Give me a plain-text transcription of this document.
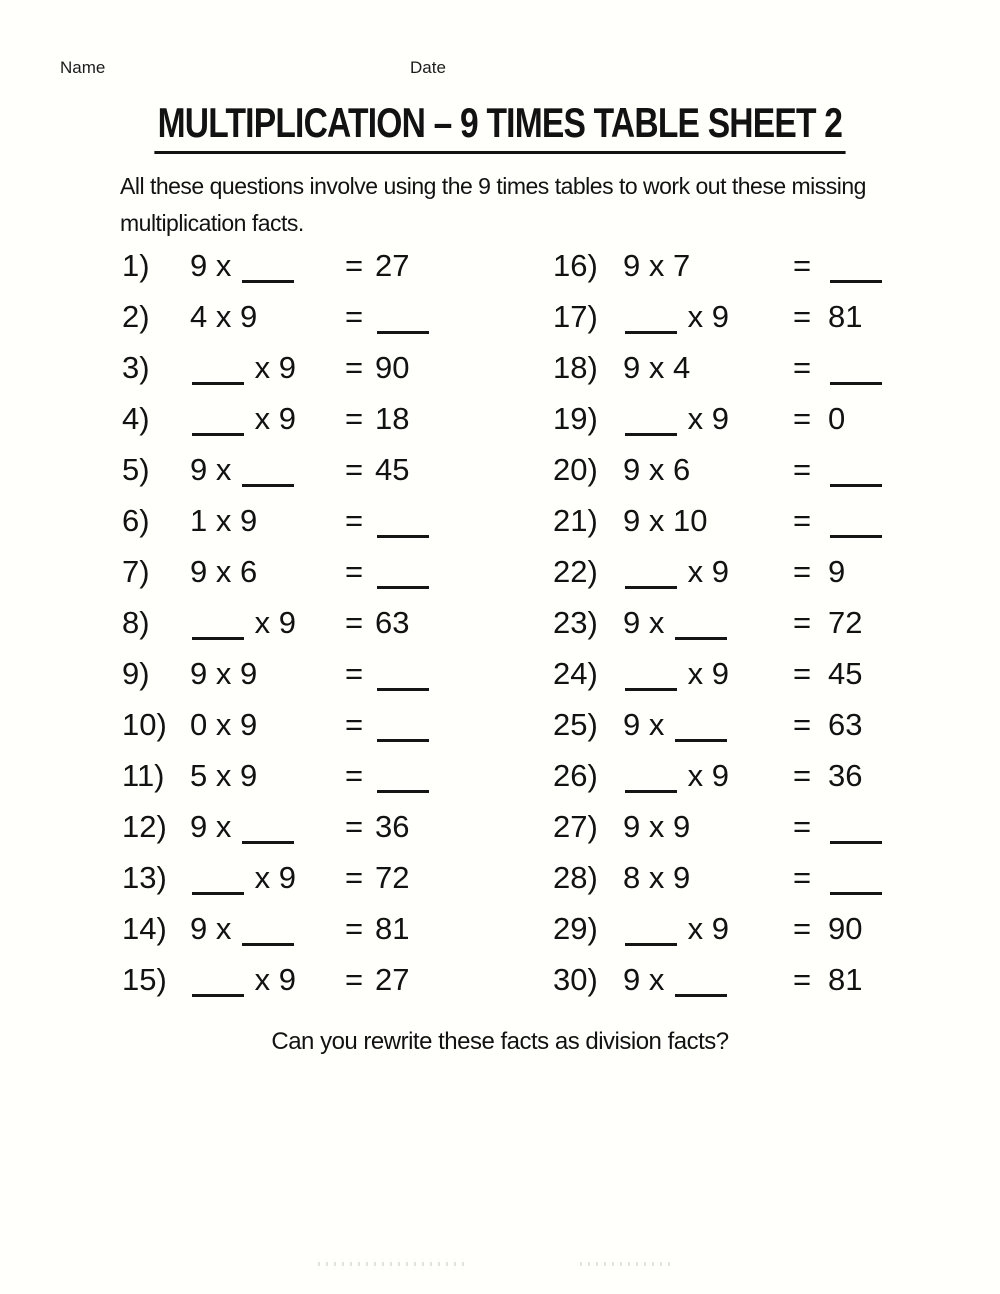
Name	Date
MULTIPLICATION – 9 TIMES TABLE SHEET 2
All these questions involve using the 9 times tables to work out these missing
multiplication facts.
1)	9 x	= 27
2)	4 x 9	=
3)	x 9	= 90
4)	x 9	= 18
5)	9 x	= 45
6)	1 x 9	=
7)	9 x 6	=
8)	x 9	= 63
9)	9 x 9	=
10) 0 x 9	=
11) 5 x 9	=
12) 9 x	= 36
13)	x 9	= 72
14) 9 x	= 81
15)	x 9	= 27
16) 9 x 7	=
17)	x 9	= 81
18) 9 x 4	=
19)	x 9	= 0
20) 9 x 6	=
21) 9 x 10	=
22)	x 9	= 9
23) 9 x	= 72
24)	x 9	= 45
25) 9 x	= 63
26)	x 9	= 36
27) 9 x 9	=
28) 8 x 9	=
29)	x 9	= 90
30) 9 x	= 81
Can you rewrite these facts as division facts?
